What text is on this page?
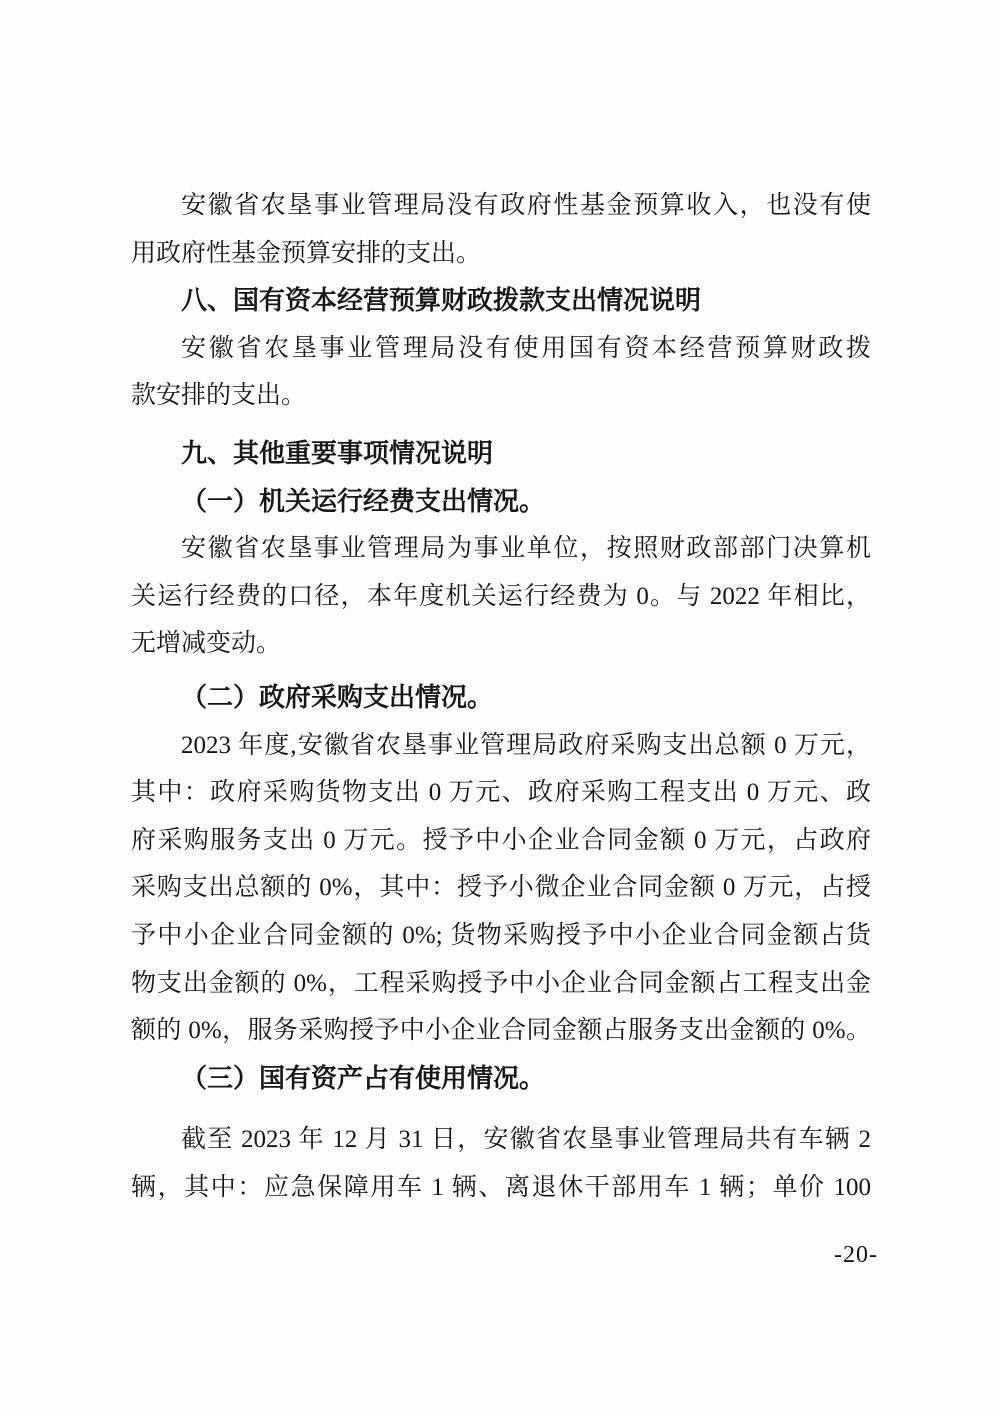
安徽省农垦事业管理局没有政府性基金预算收入，也没有使
用政府性基金预算安排的支出。
八、国有资本经营预算财政拨款支出情况说明
安徽省农垦事业管理局没有使用国有资本经营预算财政拨
款安排的支出。
九、其他重要事项情况说明
（一）机关运行经费支出情况。
安徽省农垦事业管理局为事业单位，按照财政部部门决算机
关运行经费的口径，本年度机关运行经费为 0。与 2022 年相比，
无增减变动。
（二）政府采购支出情况。
2023 年度,安徽省农垦事业管理局政府采购支出总额 0 万元，
其中：政府采购货物支出 0 万元、政府采购工程支出 0 万元、政
府采购服务支出 0 万元。授予中小企业合同金额 0 万元，占政府
采购支出总额的 0%，其中：授予小微企业合同金额 0 万元，占授
予中小企业合同金额的 0%; 货物采购授予中小企业合同金额占货
物支出金额的 0%，工程采购授予中小企业合同金额占工程支出金
额的 0%，服务采购授予中小企业合同金额占服务支出金额的 0%。
（三）国有资产占有使用情况。
截至 2023 年 12 月 31 日，安徽省农垦事业管理局共有车辆 2
辆，其中：应急保障用车 1 辆、离退休干部用车 1 辆；单价 100
-20-
